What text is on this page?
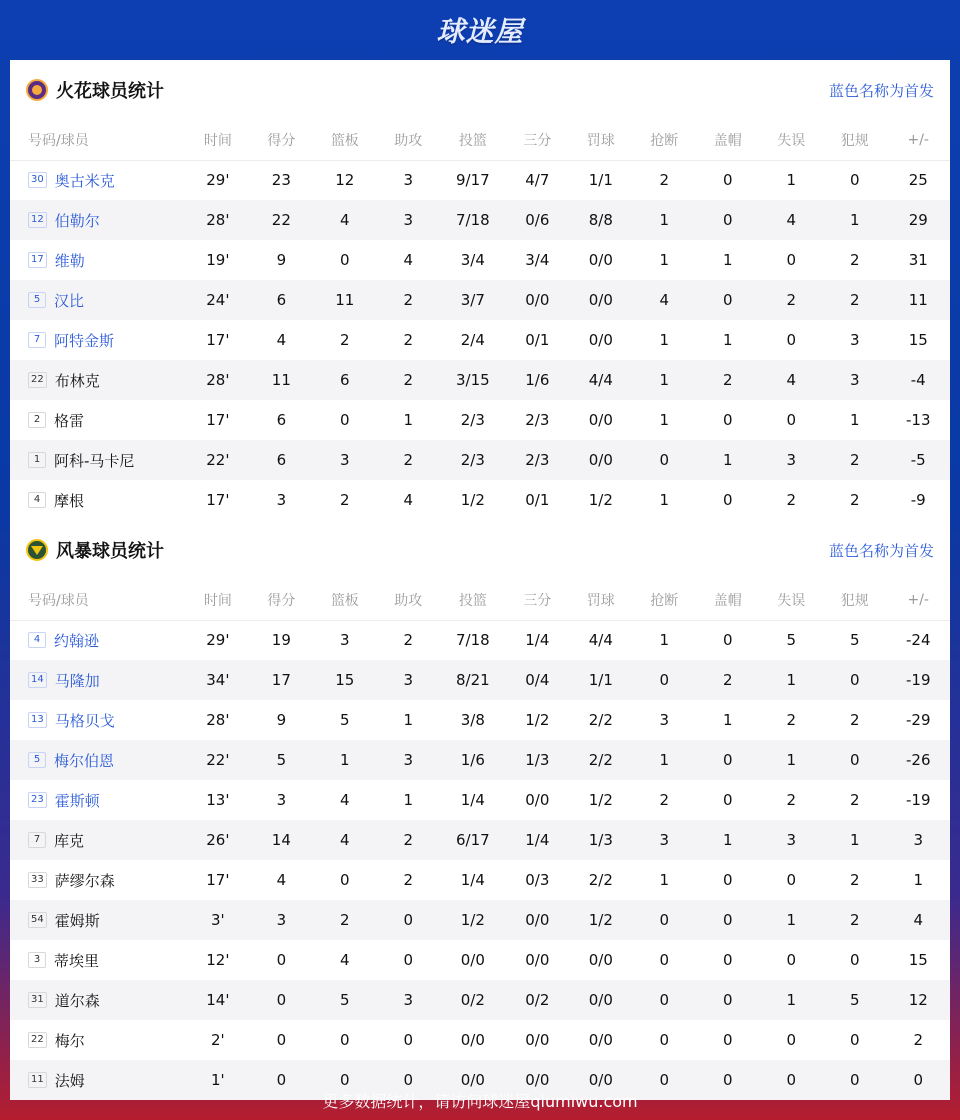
球迷屋
火花球员统计	蓝色名称为首发
号码/球员	时间	得分	篮板	助攻	投篮	三分	罚球	抢断	盖帽	失误	犯规	+/-
30 奥古米克	29'	23	12	3	9/17	4/7	1/1	2	0	1	0	25
12 伯勒尔	28'	22	4	3	7/18	0/6	8/8	1	0	4	1	29
17 维勒	19'	9	0	4	3/4	3/4	0/0	1	1	0	2	31
5 汉比	24'	6	11	2	3/7	0/0	0/0	4	0	2	2	11
7 阿特金斯	17'	4	2	2	2/4	0/1	0/0	1	1	0	3	15
22 布林克	28'	11	6	2	3/15	1/6	4/4	1	2	4	3	-4
2 格雷	17'	6	0	1	2/3	2/3	0/0	1	0	0	1	-13
1 阿科-马卡尼	22'	6	3	2	2/3	2/3	0/0	0	1	3	2	-5
4 摩根	17'	3	2	4	1/2	0/1	1/2	1	0	2	2	-9
风暴球员统计	蓝色名称为首发
号码/球员	时间	得分	篮板	助攻	投篮	三分	罚球	抢断	盖帽	失误	犯规	+/-
4 约翰逊	29'	19	3	2	7/18	1/4	4/4	1	0	5	5	-24
14 马隆加	34'	17	15	3	8/21	0/4	1/1	0	2	1	0	-19
13 马格贝戈	28'	9	5	1	3/8	1/2	2/2	3	1	2	2	-29
5 梅尔伯恩	22'	5	1	3	1/6	1/3	2/2	1	0	1	0	-26
23 霍斯顿	13'	3	4	1	1/4	0/0	1/2	2	0	2	2	-19
7 库克	26'	14	4	2	6/17	1/4	1/3	3	1	3	1	3
33 萨缪尔森	17'	4	0	2	1/4	0/3	2/2	1	0	0	2	1
54 霍姆斯	3'	3	2	0	1/2	0/0	1/2	0	0	1	2	4
3 蒂埃里	12'	0	4	0	0/0	0/0	0/0	0	0	0	0	15
31 道尔森	14'	0	5	3	0/2	0/2	0/0	0	0	1	5	12
22 梅尔	2'	0	0	0	0/0	0/0	0/0	0	0	0	0	2
11 法姆	1'	0	0	0	0/0	0/0	0/0	0	0	0	0	0
更多数据统计，请访问球迷屋qiumiwu.com
